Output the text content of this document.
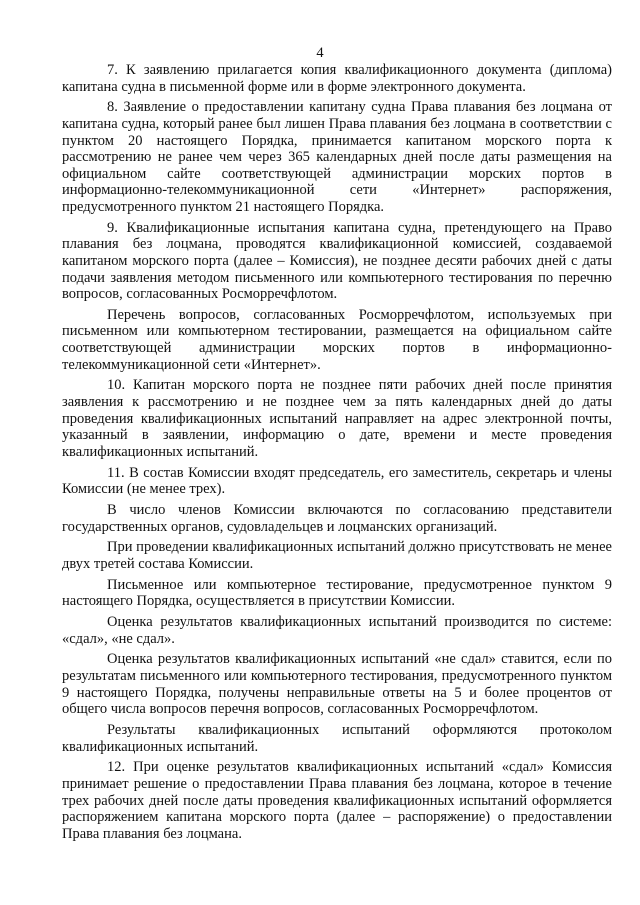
4

7. К заявлению прилагается копия квалификационного документа (диплома) капитана судна в письменной форме или в форме электронного документа.

8. Заявление о предоставлении капитану судна Права плавания без лоцмана от капитана судна, который ранее был лишен Права плавания без лоцмана в соответствии с пунктом 20 настоящего Порядка, принимается капитаном морского порта к рассмотрению не ранее чем через 365 календарных дней после даты размещения на официальном сайте соответствующей администрации морских портов в информационно-телекоммуникационной сети «Интернет» распоряжения, предусмотренного пунктом 21 настоящего Порядка.

9. Квалификационные испытания капитана судна, претендующего на Право плавания без лоцмана, проводятся квалификационной комиссией, создаваемой капитаном морского порта (далее – Комиссия), не позднее десяти рабочих дней с даты подачи заявления методом письменного или компьютерного тестирования по перечню вопросов, согласованных Росморречфлотом.

Перечень вопросов, согласованных Росморречфлотом, используемых при письменном или компьютерном тестировании, размещается на официальном сайте соответствующей администрации морских портов в информационно-телекоммуникационной сети «Интернет».

10. Капитан морского порта не позднее пяти рабочих дней после принятия заявления к рассмотрению и не позднее чем за пять календарных дней до даты проведения квалификационных испытаний направляет на адрес электронной почты, указанный в заявлении, информацию о дате, времени и месте проведения квалификационных испытаний.

11. В состав Комиссии входят председатель, его заместитель, секретарь и члены Комиссии (не менее трех).

В число членов Комиссии включаются по согласованию представители государственных органов, судовладельцев и лоцманских организаций.

При проведении квалификационных испытаний должно присутствовать не менее двух третей состава Комиссии.

Письменное или компьютерное тестирование, предусмотренное пунктом 9 настоящего Порядка, осуществляется в присутствии Комиссии.

Оценка результатов квалификационных испытаний производится по системе: «сдал», «не сдал».

Оценка результатов квалификационных испытаний «не сдал» ставится, если по результатам письменного или компьютерного тестирования, предусмотренного пунктом 9 настоящего Порядка, получены неправильные ответы на 5 и более процентов от общего числа вопросов перечня вопросов, согласованных Росморречфлотом.

Результаты квалификационных испытаний оформляются протоколом квалификационных испытаний.

12. При оценке результатов квалификационных испытаний «сдал» Комиссия принимает решение о предоставлении Права плавания без лоцмана, которое в течение трех рабочих дней после даты проведения квалификационных испытаний оформляется распоряжением капитана морского порта (далее – распоряжение) о предоставлении Права плавания без лоцмана.
